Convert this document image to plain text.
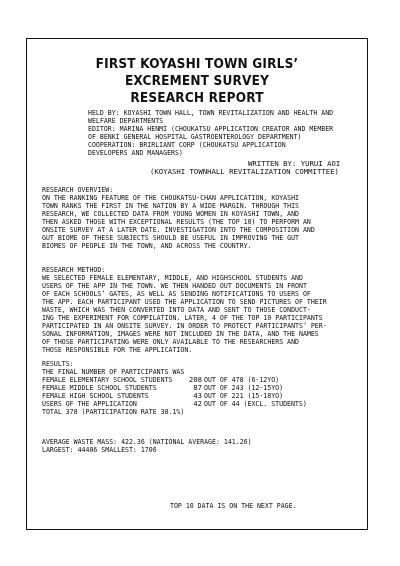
FIRST KOYASHI TOWN GIRLS’
EXCREMENT SURVEY
RESEARCH REPORT
HELD BY: KOYASHI TOWN HALL, TOWN REVITALIZATION AND HEALTH AND
WELFARE DEPARTMENTS
EDITOR: MARINA HENMI (CHOUKATSU APPLICATION CREATOR AND MEMBER
OF BENKI GENERAL HOSPITAL GASTROENTEROLOGY DEPARTMENT)
COOPERATION: BRIRLIANT CORP (CHOUKATSU APPLICATION
DEVELOPERS AND MANAGERS)
WRITTEN BY: YURUI AOI
(KOYASHI TOWNHALL REVITALIZATION COMMITTEE)
RESEARCH OVERVIEW:
ON THE RANKING FEATURE OF THE CHOUKATSU-CHAN APPLICATION, KOYASHI
TOWN RANKS THE FIRST IN THE NATION BY A WIDE MARGIN. THROUGH THIS
RESEARCH, WE COLLECTED DATA FROM YOUNG WOMEN IN KOYASHI TOWN, AND
THEN ASKED THOSE WITH EXCEPTIONAL RESULTS (THE TOP 10) TO PERFORM AN
ONSITE SURVEY AT A LATER DATE. INVESTIGATION INTO THE COMPOSITION AND
GUT BIOME OF THESE SUBJECTS SHOULD BE USEFUL IN IMPROVING THE GUT
BIOMES OF PEOPLE IN THE TOWN, AND ACROSS THE COUNTRY.
RESEARCH METHOD:
WE SELECTED FEMALE ELEMENTARY, MIDDLE, AND HIGHSCHOOL STUDENTS AND
USERS OF THE APP IN THE TOWN. WE THEN HANDED OUT DOCUMENTS IN FRONT
OF EACH SCHOOLS’ GATES, AS WELL AS SENDING NOTIFICATIONS TO USERS OF
THE APP. EACH PARTICIPANT USED THE APPLICATION TO SEND PICTURES OF THEIR
WASTE, WHICH WAS THEN CONVERTED INTO DATA AND SENT TO THOSE CONDUCT-
ING THE EXPERIMENT FOR COMPILATION. LATER, 4 OF THE TOP 10 PARTICIPANTS
PARTICIPATED IN AN ONSITE SURVEY. IN ORDER TO PROTECT PARTICIPANTS’ PER-
SONAL INFORMATION, IMAGES WERE NOT INCLUDED IN THE DATA, AND THE NAMES
OF THOSE PARTICIPATING WERE ONLY AVAILABLE TO THE RESEARCHERS AND
THOSE RESPONSIBLE FOR THE APPLICATION.
RESULTS:
THE FINAL NUMBER OF PARTICIPANTS WAS
FEMALE ELEMENTARY SCHOOL STUDENTS	208 OUT OF 478 (6-12YO)
FEMALE MIDDLE SCHOOL STUDENTS	87 OUT OF 243 (12-15YO)
FEMALE HIGH SCHOOL STUDENTS	43 OUT OF 221 (15-18YO)
USERS OF THE APPLICATION	42 OUT OF 44 (EXCL. STUDENTS)
TOTAL 378 (PARTICIPATION RATE 38.1%)
AVERAGE WASTE MASS: 422.36 (NATIONAL AVERAGE: 141.26)
LARGEST: 44406 SMALLEST: 1706
TOP 10 DATA IS ON THE NEXT PAGE.
